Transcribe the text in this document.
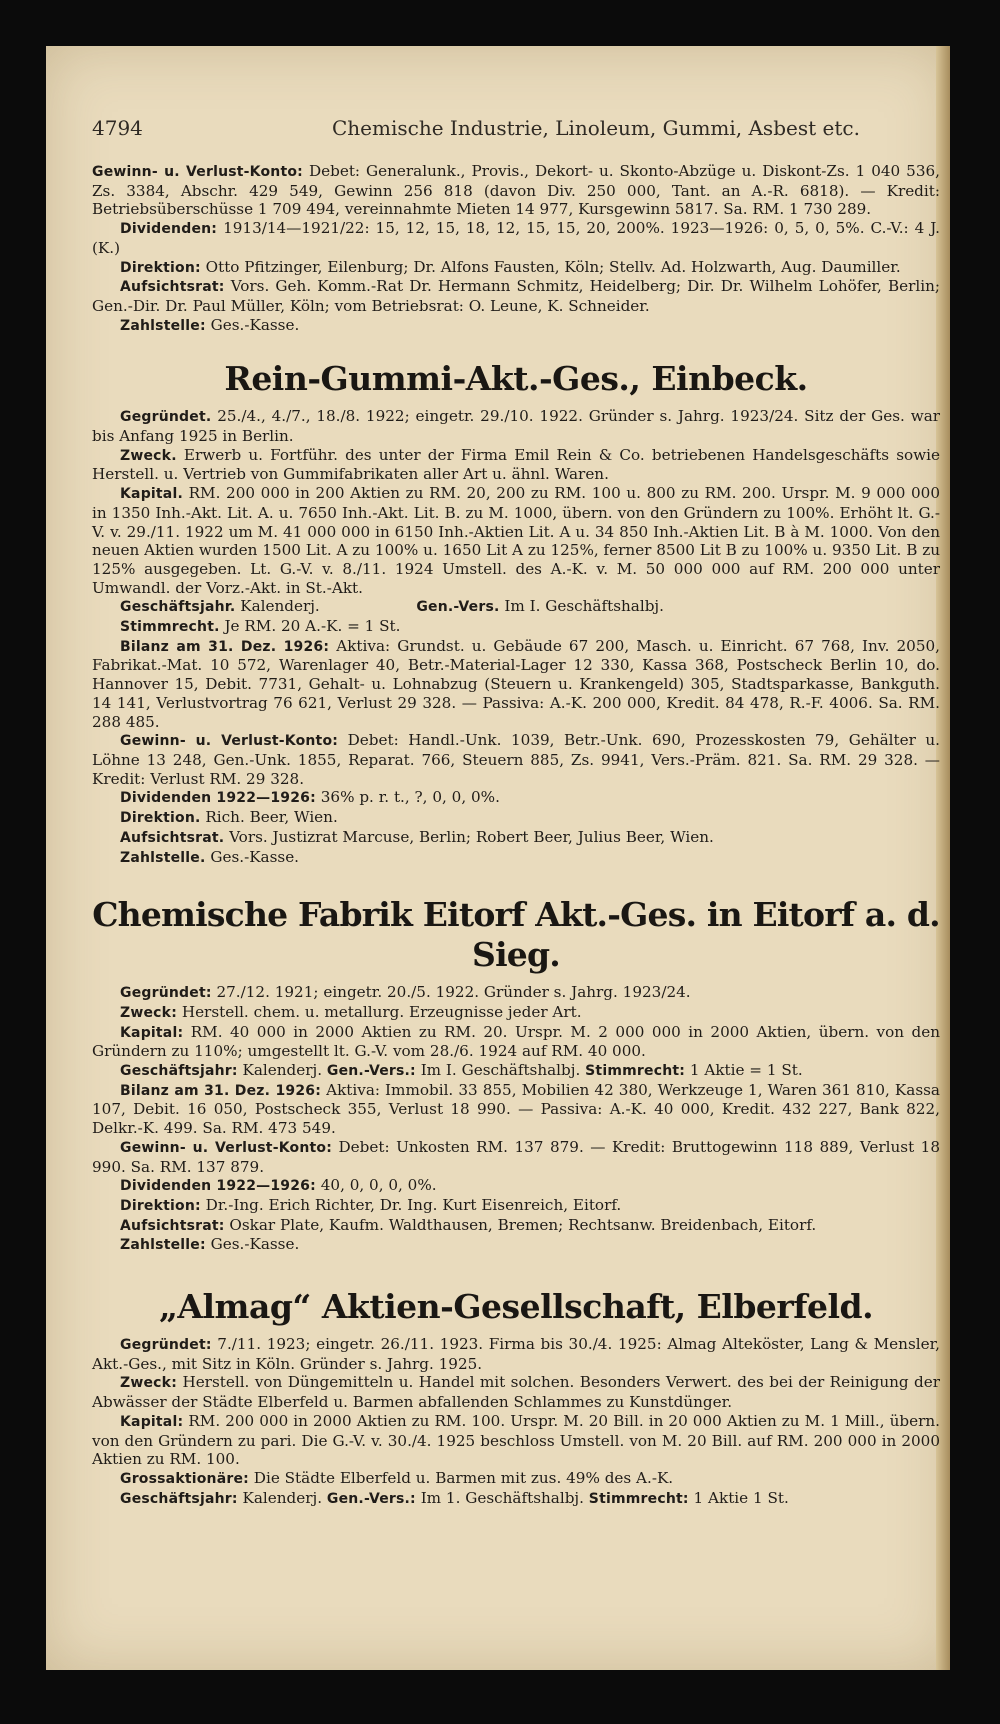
4794	Chemische Industrie, Linoleum, Gummi, Asbest etc.

Gewinn- u. Verlust-Konto: Debet: Generalunk., Provis., Dekort- u. Skonto-Abzüge u. Diskont-Zs. 1 040 536, Zs. 3384, Abschr. 429 549, Gewinn 256 818 (davon Div. 250 000, Tant. an A.-R. 6818). — Kredit: Betriebsüberschüsse 1 709 494, vereinnahmte Mieten 14 977, Kursgewinn 5817. Sa. RM. 1 730 289.

Dividenden: 1913/14—1921/22: 15, 12, 15, 18, 12, 15, 15, 20, 200%. 1923—1926: 0, 5, 0, 5%. C.-V.: 4 J. (K.)

Direktion: Otto Pfitzinger, Eilenburg; Dr. Alfons Fausten, Köln; Stellv. Ad. Holzwarth, Aug. Daumiller.

Aufsichtsrat: Vors. Geh. Komm.-Rat Dr. Hermann Schmitz, Heidelberg; Dir. Dr. Wilhelm Lohöfer, Berlin; Gen.-Dir. Dr. Paul Müller, Köln; vom Betriebsrat: O. Leune, K. Schneider.

Zahlstelle: Ges.-Kasse.

Rein-Gummi-Akt.-Ges., Einbeck.

Gegründet. 25./4., 4./7., 18./8. 1922; eingetr. 29./10. 1922. Gründer s. Jahrg. 1923/24. Sitz der Ges. war bis Anfang 1925 in Berlin.

Zweck. Erwerb u. Fortführ. des unter der Firma Emil Rein & Co. betriebenen Handelsgeschäfts sowie Herstell. u. Vertrieb von Gummifabrikaten aller Art u. ähnl. Waren.

Kapital. RM. 200 000 in 200 Aktien zu RM. 20, 200 zu RM. 100 u. 800 zu RM. 200. Urspr. M. 9 000 000 in 1350 Inh.-Akt. Lit. A. u. 7650 Inh.-Akt. Lit. B. zu M. 1000, übern. von den Gründern zu 100%. Erhöht lt. G.-V. v. 29./11. 1922 um M. 41 000 000 in 6150 Inh.-Aktien Lit. A u. 34 850 Inh.-Aktien Lit. B à M. 1000. Von den neuen Aktien wurden 1500 Lit. A zu 100% u. 1650 Lit A zu 125%, ferner 8500 Lit B zu 100% u. 9350 Lit. B zu 125% ausgegeben. Lt. G.-V. v. 8./11. 1924 Umstell. des A.-K. v. M. 50 000 000 auf RM. 200 000 unter Umwandl. der Vorz.-Akt. in St.-Akt.

Geschäftsjahr. Kalenderj.	Gen.-Vers. Im I. Geschäftshalbj.

Stimmrecht. Je RM. 20 A.-K. = 1 St.

Bilanz am 31. Dez. 1926: Aktiva: Grundst. u. Gebäude 67 200, Masch. u. Einricht. 67 768, Inv. 2050, Fabrikat.-Mat. 10 572, Warenlager 40, Betr.-Material-Lager 12 330, Kassa 368, Postscheck Berlin 10, do. Hannover 15, Debit. 7731, Gehalt- u. Lohnabzug (Steuern u. Krankengeld) 305, Stadtsparkasse, Bankguth. 14 141, Verlustvortrag 76 621, Verlust 29 328. — Passiva: A.-K. 200 000, Kredit. 84 478, R.-F. 4006. Sa. RM. 288 485.

Gewinn- u. Verlust-Konto: Debet: Handl.-Unk. 1039, Betr.-Unk. 690, Prozesskosten 79, Gehälter u. Löhne 13 248, Gen.-Unk. 1855, Reparat. 766, Steuern 885, Zs. 9941, Vers.-Präm. 821. Sa. RM. 29 328. — Kredit: Verlust RM. 29 328.

Dividenden 1922—1926: 36% p. r. t., ?, 0, 0, 0%.

Direktion. Rich. Beer, Wien.

Aufsichtsrat. Vors. Justizrat Marcuse, Berlin; Robert Beer, Julius Beer, Wien.

Zahlstelle. Ges.-Kasse.

Chemische Fabrik Eitorf Akt.-Ges. in Eitorf a. d. Sieg.

Gegründet: 27./12. 1921; eingetr. 20./5. 1922. Gründer s. Jahrg. 1923/24.

Zweck: Herstell. chem. u. metallurg. Erzeugnisse jeder Art.

Kapital: RM. 40 000 in 2000 Aktien zu RM. 20. Urspr. M. 2 000 000 in 2000 Aktien, übern. von den Gründern zu 110%; umgestellt lt. G.-V. vom 28./6. 1924 auf RM. 40 000.

Geschäftsjahr: Kalenderj. Gen.-Vers.: Im I. Geschäftshalbj. Stimmrecht: 1 Aktie = 1 St.

Bilanz am 31. Dez. 1926: Aktiva: Immobil. 33 855, Mobilien 42 380, Werkzeuge 1, Waren 361 810, Kassa 107, Debit. 16 050, Postscheck 355, Verlust 18 990. — Passiva: A.-K. 40 000, Kredit. 432 227, Bank 822, Delkr.-K. 499. Sa. RM. 473 549.

Gewinn- u. Verlust-Konto: Debet: Unkosten RM. 137 879. — Kredit: Bruttogewinn 118 889, Verlust 18 990. Sa. RM. 137 879.

Dividenden 1922—1926: 40, 0, 0, 0, 0%.

Direktion: Dr.-Ing. Erich Richter, Dr. Ing. Kurt Eisenreich, Eitorf.

Aufsichtsrat: Oskar Plate, Kaufm. Waldthausen, Bremen; Rechtsanw. Breidenbach, Eitorf.

Zahlstelle: Ges.-Kasse.

„Almag“ Aktien-Gesellschaft, Elberfeld.

Gegründet: 7./11. 1923; eingetr. 26./11. 1923. Firma bis 30./4. 1925: Almag Alteköster, Lang & Mensler, Akt.-Ges., mit Sitz in Köln. Gründer s. Jahrg. 1925.

Zweck: Herstell. von Düngemitteln u. Handel mit solchen. Besonders Verwert. des bei der Reinigung der Abwässer der Städte Elberfeld u. Barmen abfallenden Schlammes zu Kunstdünger.

Kapital: RM. 200 000 in 2000 Aktien zu RM. 100. Urspr. M. 20 Bill. in 20 000 Aktien zu M. 1 Mill., übern. von den Gründern zu pari. Die G.-V. v. 30./4. 1925 beschloss Umstell. von M. 20 Bill. auf RM. 200 000 in 2000 Aktien zu RM. 100.

Grossaktionäre: Die Städte Elberfeld u. Barmen mit zus. 49% des A.-K.

Geschäftsjahr: Kalenderj. Gen.-Vers.: Im 1. Geschäftshalbj. Stimmrecht: 1 Aktie 1 St.
